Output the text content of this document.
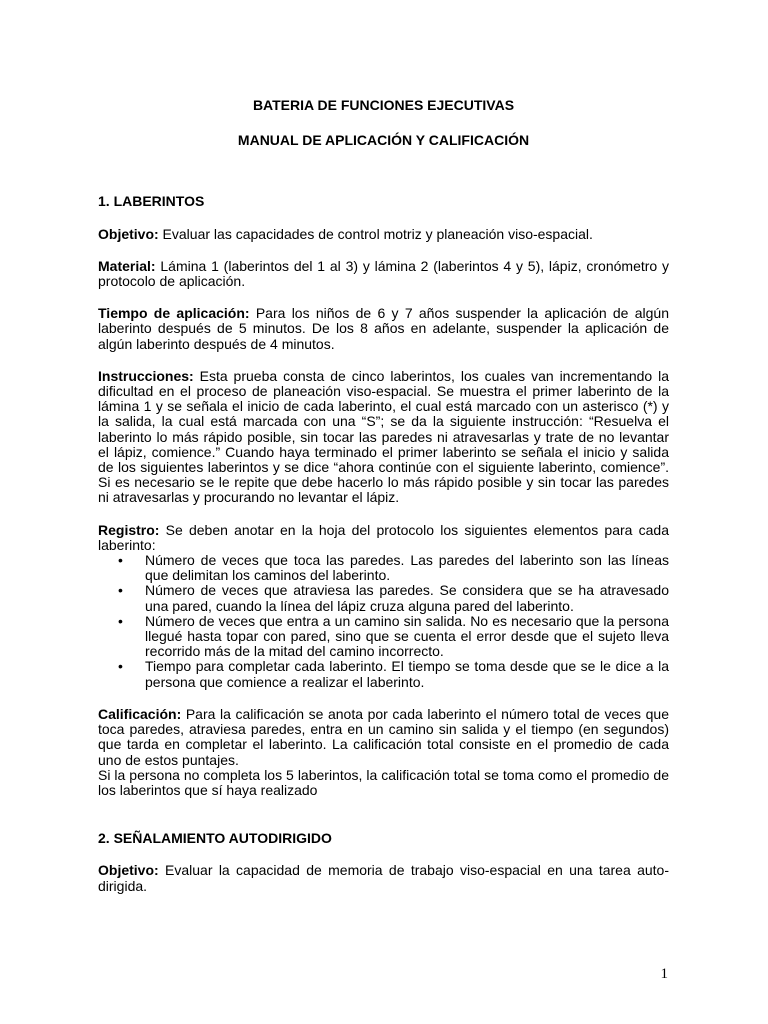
BATERIA DE FUNCIONES EJECUTIVAS

MANUAL DE APLICACIÓN Y CALIFICACIÓN

1. LABERINTOS

Objetivo: Evaluar las capacidades de control motriz y planeación viso-espacial.

Material: Lámina 1 (laberintos del 1 al 3) y lámina 2 (laberintos 4 y 5), lápiz, cronómetro y protocolo de aplicación.

Tiempo de aplicación: Para los niños de 6 y 7 años suspender la aplicación de algún laberinto después de 5 minutos. De los 8 años en adelante, suspender la aplicación de algún laberinto después de 4 minutos.

Instrucciones: Esta prueba consta de cinco laberintos, los cuales van incrementando la dificultad en el proceso de planeación viso-espacial. Se muestra el primer laberinto de la lámina 1 y se señala el inicio de cada laberinto, el cual está marcado con un asterisco (*) y la salida, la cual está marcada con una “S”; se da la siguiente instrucción: “Resuelva el laberinto lo más rápido posible, sin tocar las paredes ni atravesarlas y trate de no levantar el lápiz, comience.” Cuando haya terminado el primer laberinto se señala el inicio y salida de los siguientes laberintos y se dice “ahora continúe con el siguiente laberinto, comience”. Si es necesario se le repite que debe hacerlo lo más rápido posible y sin tocar las paredes ni atravesarlas y procurando no levantar el lápiz.

Registro: Se deben anotar en la hoja del protocolo los siguientes elementos para cada laberinto:

• Número de veces que toca las paredes. Las paredes del laberinto son las líneas que delimitan los caminos del laberinto.
• Número de veces que atraviesa las paredes. Se considera que se ha atravesado una pared, cuando la línea del lápiz cruza alguna pared del laberinto.
• Número de veces que entra a un camino sin salida. No es necesario que la persona llegué hasta topar con pared, sino que se cuenta el error desde que el sujeto lleva recorrido más de la mitad del camino incorrecto.
• Tiempo para completar cada laberinto. El tiempo se toma desde que se le dice a la persona que comience a realizar el laberinto.

Calificación: Para la calificación se anota por cada laberinto el número total de veces que toca paredes, atraviesa paredes, entra en un camino sin salida y el tiempo (en segundos) que tarda en completar el laberinto. La calificación total consiste en el promedio de cada uno de estos puntajes.

Si la persona no completa los 5 laberintos, la calificación total se toma como el promedio de los laberintos que sí haya realizado

2. SEÑALAMIENTO AUTODIRIGIDO

Objetivo: Evaluar la capacidad de memoria de trabajo viso-espacial en una tarea auto-dirigida.

1
